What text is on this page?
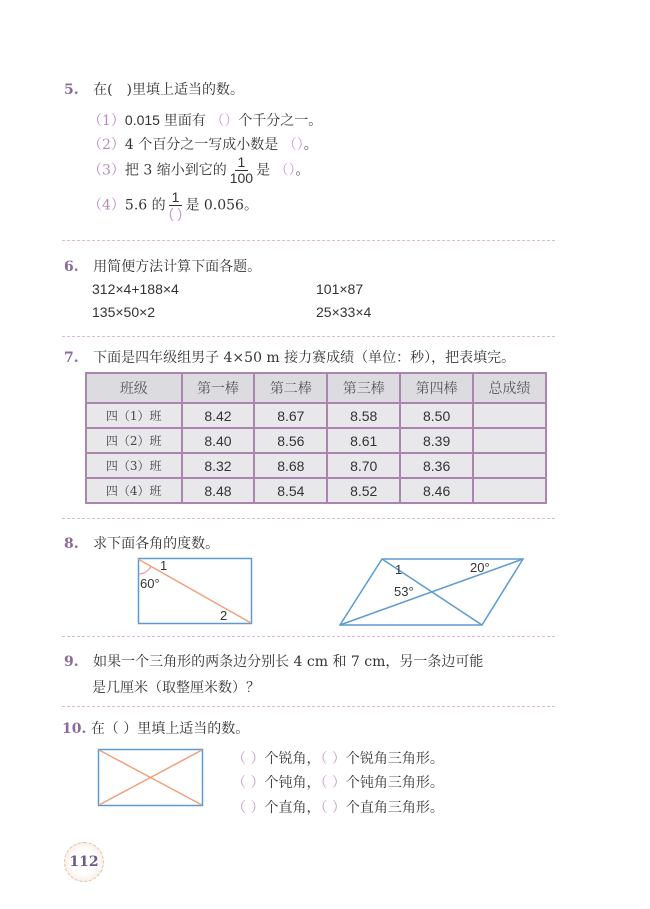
5. 在( )里填上适当的数。
（1）0.015 里面有 （）个千分之一。
（2）4 个百分之一写成小数是 （）。
（3）把 3 缩小到它的 $\frac{1}{100}$ 是 （）。
（4）5.6 的 $\frac{1}{( )}$ 是 0.056。
6. 用简便方法计算下面各题。
312×4+188×4	101×87
135×50×2	25×33×4
7. 下面是四年级组男子 4×50 m 接力赛成绩（单位：秒），把表填完。
班级	第一棒	第二棒	第三棒	第四棒	总成绩
四（1）班	8.42	8.67	8.58	8.50	
四（2）班	8.40	8.56	8.61	8.39	
四（3）班	8.32	8.68	8.70	8.36	
四（4）班	8.48	8.54	8.52	8.46	
8. 求下面各角的度数。
1
60°
2
1	20°
53°
9. 如果一个三角形的两条边分别长 4 cm 和 7 cm，另一条边可能
是几厘米（取整厘米数）？
10. 在（ ）里填上适当的数。
（ ）个锐角，（ ）个锐角三角形。
（ ）个钝角，（ ）个钝角三角形。
（ ）个直角，（ ）个直角三角形。
112
